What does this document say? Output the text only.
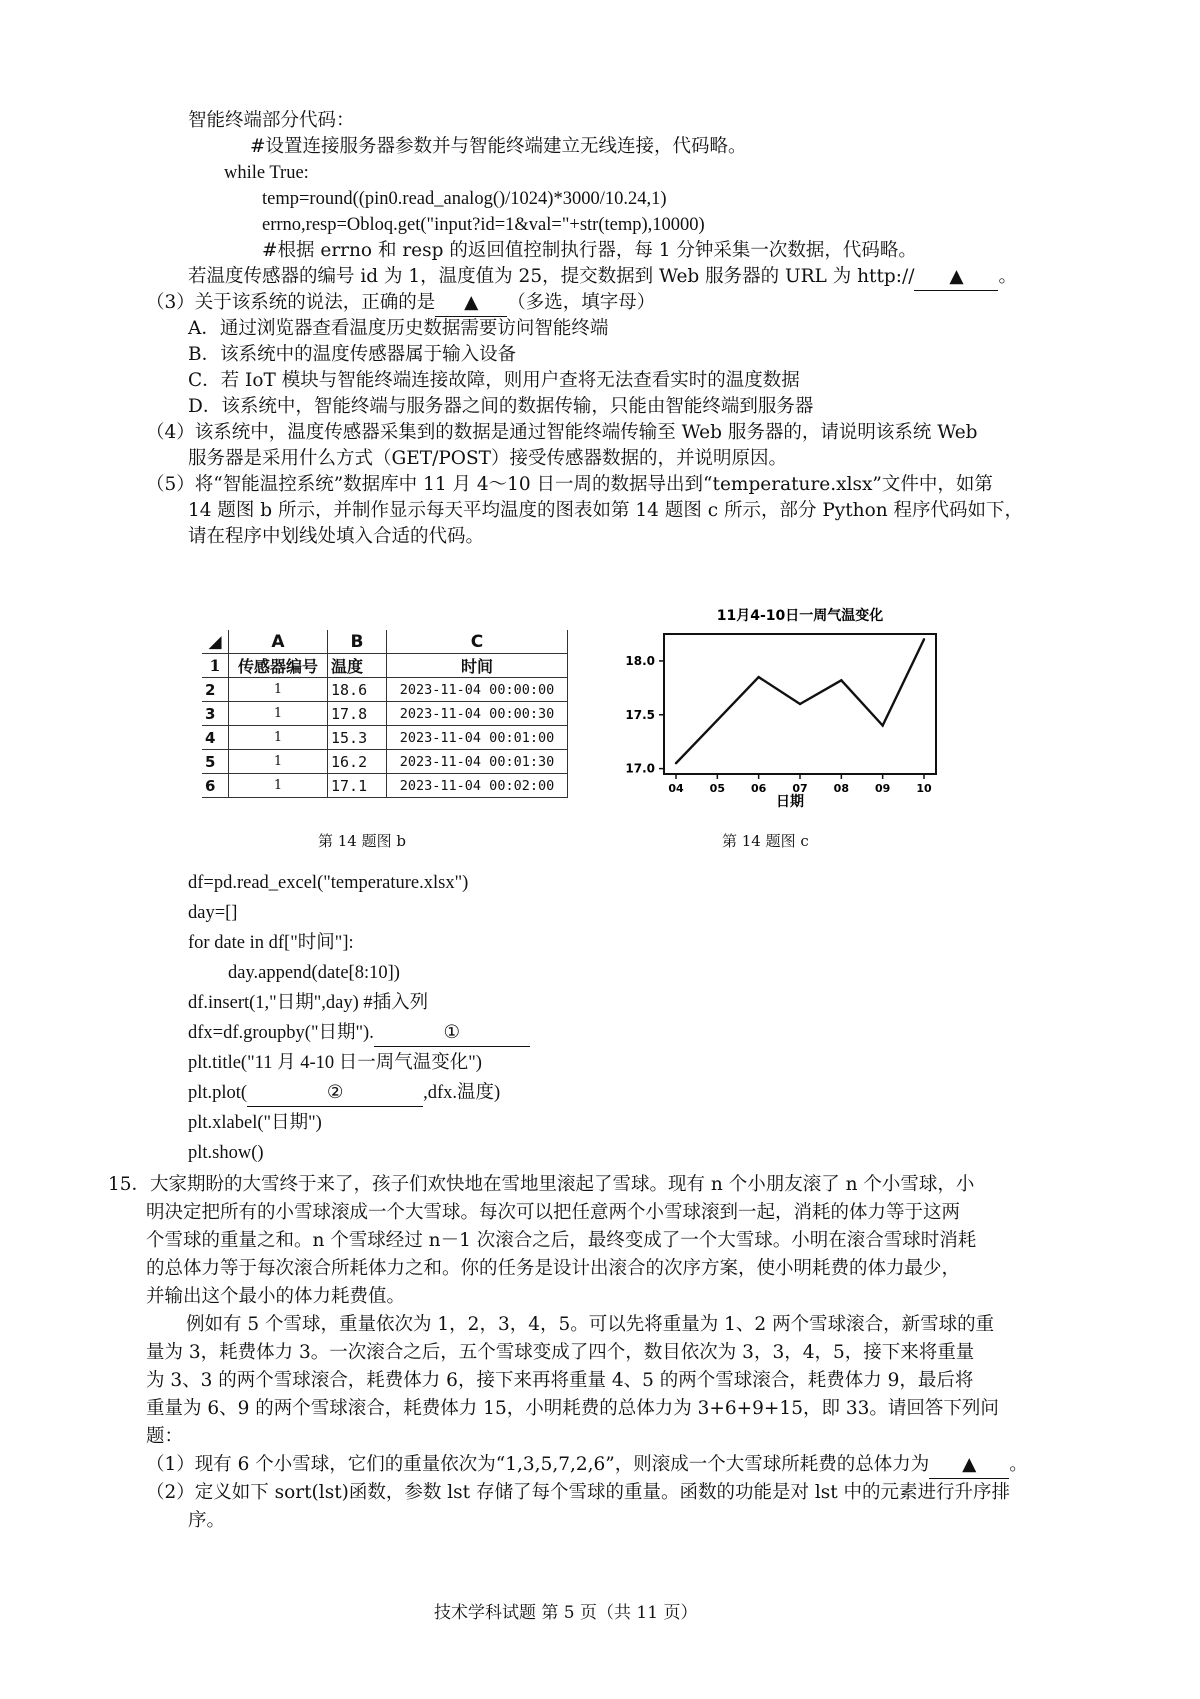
智能终端部分代码：
#设置连接服务器参数并与智能终端建立无线连接，代码略。
while True:
temp=round((pin0.read_analog()/1024)*3000/10.24,1)
errno,resp=Obloq.get("input?id=1&val="+str(temp),10000)
#根据 errno 和 resp 的返回值控制执行器，每 1 分钟采集一次数据，代码略。
若温度传感器的编号 id 为 1，温度值为 25，提交数据到 Web 服务器的 URL 为 http:// ▲ 。
（3）关于该系统的说法，正确的是 ▲ （多选，填字母）
A．通过浏览器查看温度历史数据需要访问智能终端
B．该系统中的温度传感器属于输入设备
C．若 IoT 模块与智能终端连接故障，则用户查将无法查看实时的温度数据
D．该系统中，智能终端与服务器之间的数据传输，只能由智能终端到服务器
（4）该系统中，温度传感器采集到的数据是通过智能终端传输至 Web 服务器的，请说明该系统 Web
服务器是采用什么方式（GET/POST）接受传感器数据的，并说明原因。
（5）将“智能温控系统”数据库中 11 月 4～10 日一周的数据导出到“temperature.xlsx”文件中，如第
14 题图 b 所示，并制作显示每天平均温度的图表如第 14 题图 c 所示，部分 Python 程序代码如下，
请在程序中划线处填入合适的代码。
◢	A	B	C
1	传感器编号	温度	时间
2	1	18.6	2023-11-04 00:00:00
3	1	17.8	2023-11-04 00:00:30
4	1	15.3	2023-11-04 00:01:00
5	1	16.2	2023-11-04 00:01:30
6	1	17.1	2023-11-04 00:02:00
11月4-10日一周气温变化
17.0
17.5
18.0
04 05 06 07 08 09 10
日期
第 14 题图 b	第 14 题图 c
df=pd.read_excel("temperature.xlsx")
day=[]
for date in df["时间"]:
day.append(date[8:10])
df.insert(1,"日期",day) #插入列
dfx=df.groupby("日期").	①
plt.title("11 月 4-10 日一周气温变化")
plt.plot(	②	,dfx.温度)
plt.xlabel("日期")
plt.show()
15．大家期盼的大雪终于来了，孩子们欢快地在雪地里滚起了雪球。现有 n 个小朋友滚了 n 个小雪球，小
明决定把所有的小雪球滚成一个大雪球。每次可以把任意两个小雪球滚到一起，消耗的体力等于这两
个雪球的重量之和。n 个雪球经过 n－1 次滚合之后，最终变成了一个大雪球。小明在滚合雪球时消耗
的总体力等于每次滚合所耗体力之和。你的任务是设计出滚合的次序方案，使小明耗费的体力最少，
并输出这个最小的体力耗费值。
例如有 5 个雪球，重量依次为 1，2，3，4，5。可以先将重量为 1、2 两个雪球滚合，新雪球的重
量为 3，耗费体力 3。一次滚合之后，五个雪球变成了四个，数目依次为 3，3，4，5，接下来将重量
为 3、3 的两个雪球滚合，耗费体力 6，接下来再将重量 4、5 的两个雪球滚合，耗费体力 9，最后将
重量为 6、9 的两个雪球滚合，耗费体力 15，小明耗费的总体力为 3+6+9+15，即 33。请回答下列问
题：
（1）现有 6 个小雪球，它们的重量依次为“1,3,5,7,2,6”，则滚成一个大雪球所耗费的总体力为 ▲ 。
（2）定义如下 sort(lst)函数，参数 lst 存储了每个雪球的重量。函数的功能是对 lst 中的元素进行升序排
序。
技术学科试题 第 5 页（共 11 页）
